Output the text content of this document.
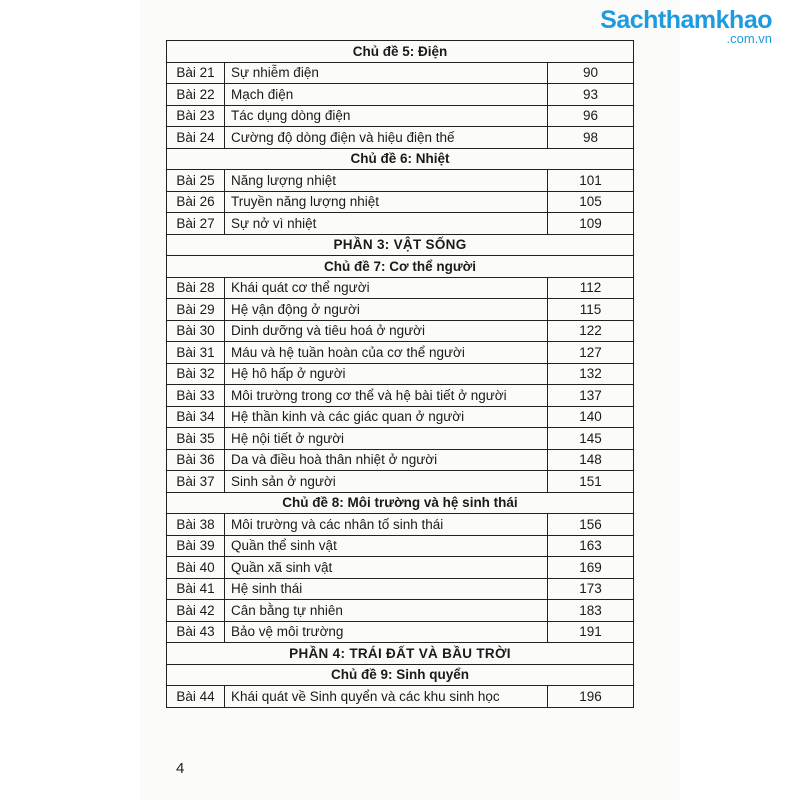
Sachthamkhao
.com.vn
Chủ đề 5: Điện		
Bài 21	Sự nhiễm điện	90
Bài 22	Mạch điện	93
Bài 23	Tác dụng dòng điện	96
Bài 24	Cường độ dòng điện và hiệu điện thế	98
Chủ đề 6: Nhiệt		
Bài 25	Năng lượng nhiệt	101
Bài 26	Truyền năng lượng nhiệt	105
Bài 27	Sự nở vì nhiệt	109
PHẦN 3: VẬT SỐNG		
Chủ đề 7: Cơ thể người		
Bài 28	Khái quát cơ thể người	112
Bài 29	Hệ vận động ở người	115
Bài 30	Dinh dưỡng và tiêu hoá ở người	122
Bài 31	Máu và hệ tuần hoàn của cơ thể người	127
Bài 32	Hệ hô hấp ở người	132
Bài 33	Môi trường trong cơ thể và hệ bài tiết ở người	137
Bài 34	Hệ thần kinh và các giác quan ở người	140
Bài 35	Hệ nội tiết ở người	145
Bài 36	Da và điều hoà thân nhiệt ở người	148
Bài 37	Sinh sản ở người	151
Chủ đề 8: Môi trường và hệ sinh thái		
Bài 38	Môi trường và các nhân tố sinh thái	156
Bài 39	Quần thể sinh vật	163
Bài 40	Quần xã sinh vật	169
Bài 41	Hệ sinh thái	173
Bài 42	Cân bằng tự nhiên	183
Bài 43	Bảo vệ môi trường	191
PHẦN 4: TRÁI ĐẤT VÀ BẦU TRỜI		
Chủ đề 9: Sinh quyển		
Bài 44	Khái quát về Sinh quyển và các khu sinh học	196
4
